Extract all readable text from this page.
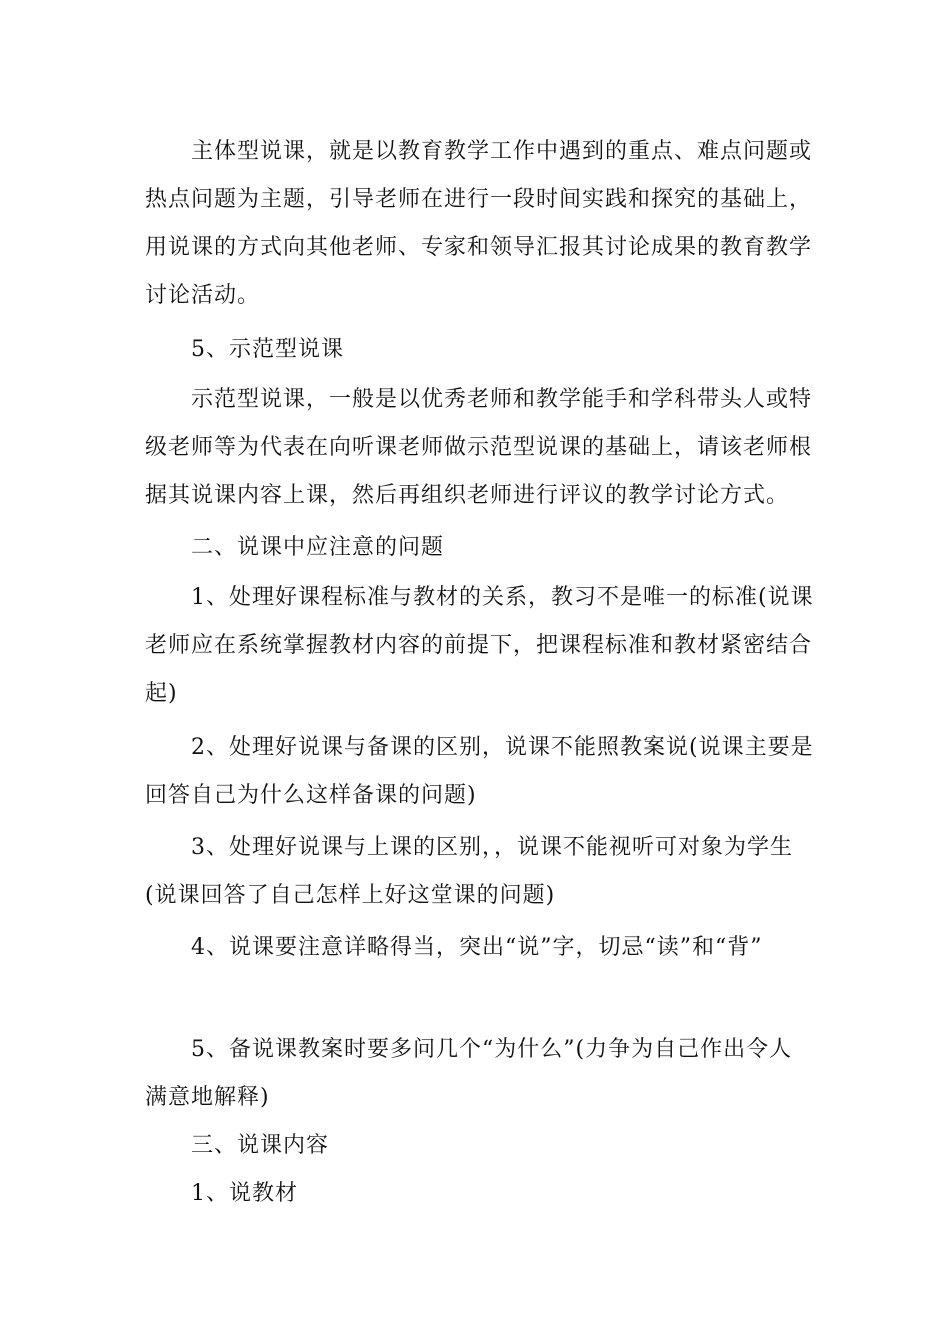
主体型说课，就是以教育教学工作中遇到的重点、难点问题或
热点问题为主题，引导老师在进行一段时间实践和探究的基础上，
用说课的方式向其他老师、专家和领导汇报其讨论成果的教育教学
讨论活动。
5、示范型说课
示范型说课，一般是以优秀老师和教学能手和学科带头人或特
级老师等为代表在向听课老师做示范型说课的基础上，请该老师根
据其说课内容上课，然后再组织老师进行评议的教学讨论方式。
二、说课中应注意的问题
1、处理好课程标准与教材的关系，教习不是唯一的标准(说课
老师应在系统掌握教材内容的前提下，把课程标准和教材紧密结合
起)
2、处理好说课与备课的区别，说课不能照教案说(说课主要是
回答自己为什么这样备课的问题)
3、处理好说课与上课的区别，，说课不能视听可对象为学生
(说课回答了自己怎样上好这堂课的问题)
4、说课要注意详略得当，突出“说”字，切忌“读”和“背”
5、备说课教案时要多问几个“为什么”(力争为自己作出令人
满意地解释)
三、说课内容
1、说教材
